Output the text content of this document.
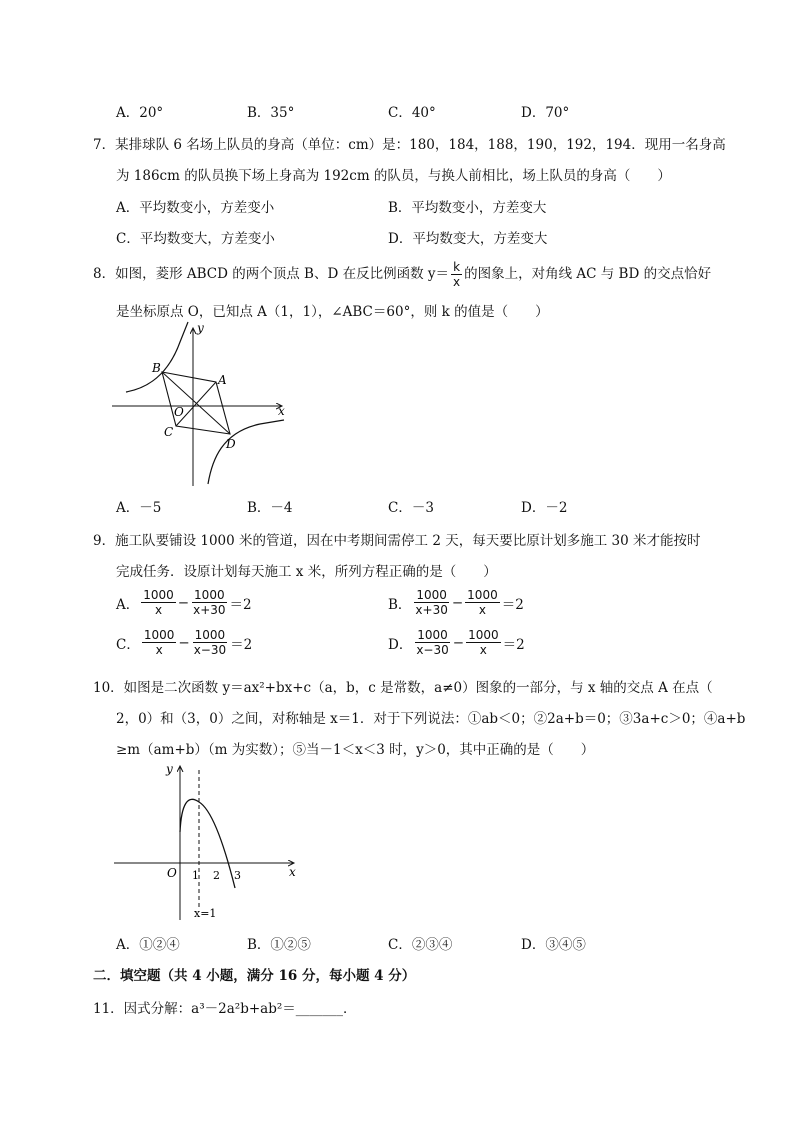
A．20°	B．35°	C．40°	D．70°
7．某排球队 6 名场上队员的身高（单位：cm）是：180，184，188，190，192，194．现用一名身高
为 186cm 的队员换下场上身高为 192cm 的队员，与换人前相比，场上队员的身高（　　）
A．平均数变小，方差变小	B．平均数变小，方差变大
C．平均数变大，方差变小	D．平均数变大，方差变大
8．如图，菱形 ABCD 的两个顶点 B、D 在反比例函数 $y= \frac{k}{x}$ 的图象上，对角线 AC 与 BD 的交点恰好
是坐标原点 O，已知点 A（1，1），∠ABC＝60°，则 k 的值是（　　）
y
x
A
B
C
D
O
A．－5	B．－4	C．－3	D．－2
9．施工队要铺设 1000 米的管道，因在中考期间需停工 2 天，每天要比原计划多施工 30 米才能按时
完成任务．设原计划每天施工 x 米，所列方程正确的是（　　）
A． $\frac{1000}{x} - \frac{1000}{x+30} =2$	B． $\frac{1000}{x+30} - \frac{1000}{x} =2$
C． $\frac{1000}{x} - \frac{1000}{x-30} =2$	D． $\frac{1000}{x-30} - \frac{1000}{x} =2$
10．如图是二次函数 y＝ax²+bx+c（a，b，c 是常数，a≠0）图象的一部分，与 x 轴的交点 A 在点（
2，0）和（3，0）之间，对称轴是 x＝1．对于下列说法：①ab＜0；②2a+b＝0；③3a+c＞0；④a+b
≥m（am+b）（m 为实数）；⑤当－1＜x＜3 时，y＞0，其中正确的是（　　）
y
x
O 1 2 3
x=1
A．①②④	B．①②⑤	C．②③④	D．③④⑤
二．填空题（共 4 小题，满分 16 分，每小题 4 分）
11．因式分解：a³－2a²b+ab²＝_______．
